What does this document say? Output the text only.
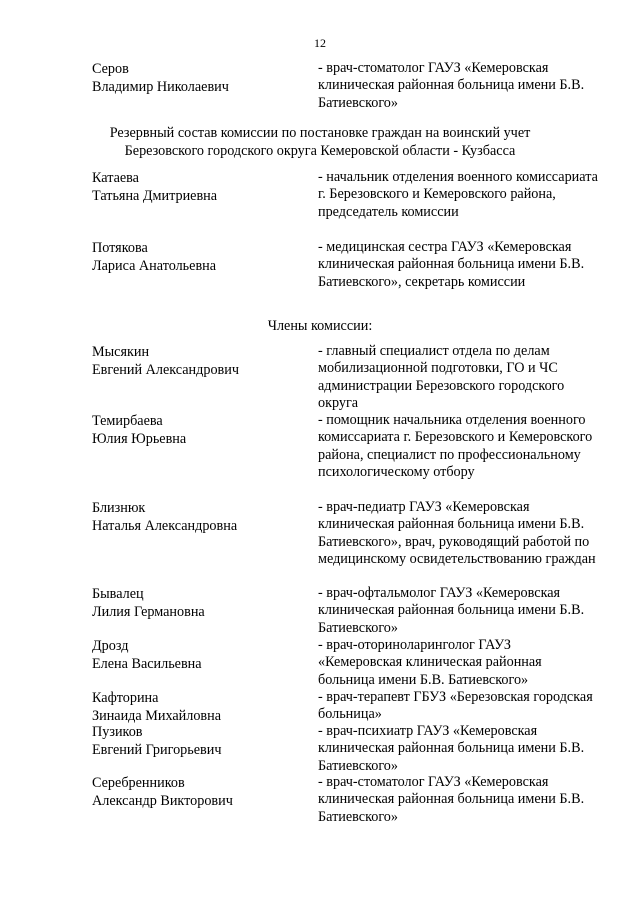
12
Серов
Владимир Николаевич
- врач-стоматолог ГАУЗ «Кемеровская клиническая районная больница имени Б.В. Батиевского»
Резервный состав комиссии по постановке граждан на воинский учет
Березовского городского округа Кемеровской области - Кузбасса
Катаева
Татьяна Дмитриевна
- начальник отделения военного комиссариата г. Березовского и Кемеровского района, председатель комиссии
Потякова
Лариса Анатольевна
- медицинская сестра ГАУЗ «Кемеровская клиническая районная больница имени Б.В. Батиевского», секретарь комиссии
Члены комиссии:
Мысякин
Евгений Александрович
- главный специалист отдела по делам мобилизационной подготовки, ГО и ЧС администрации Березовского городского округа
Темирбаева
Юлия Юрьевна
- помощник начальника отделения военного комиссариата г. Березовского и Кемеровского района, специалист по профессиональному психологическому отбору
Близнюк
Наталья Александровна
- врач-педиатр ГАУЗ «Кемеровская клиническая районная больница имени Б.В. Батиевского», врач, руководящий работой по медицинскому освидетельствованию граждан
Бывалец
Лилия Германовна
- врач-офтальмолог ГАУЗ «Кемеровская клиническая районная больница имени Б.В. Батиевского»
Дрозд
Елена Васильевна
- врач-оториноларинголог ГАУЗ «Кемеровская клиническая районная больница имени Б.В. Батиевского»
Кафторина
Зинаида Михайловна
- врач-терапевт ГБУЗ «Березовская городская больница»
Пузиков
Евгений Григорьевич
- врач-психиатр ГАУЗ «Кемеровская клиническая районная больница имени Б.В. Батиевского»
Серебренников
Александр Викторович
- врач-стоматолог ГАУЗ «Кемеровская клиническая районная больница имени Б.В. Батиевского»
